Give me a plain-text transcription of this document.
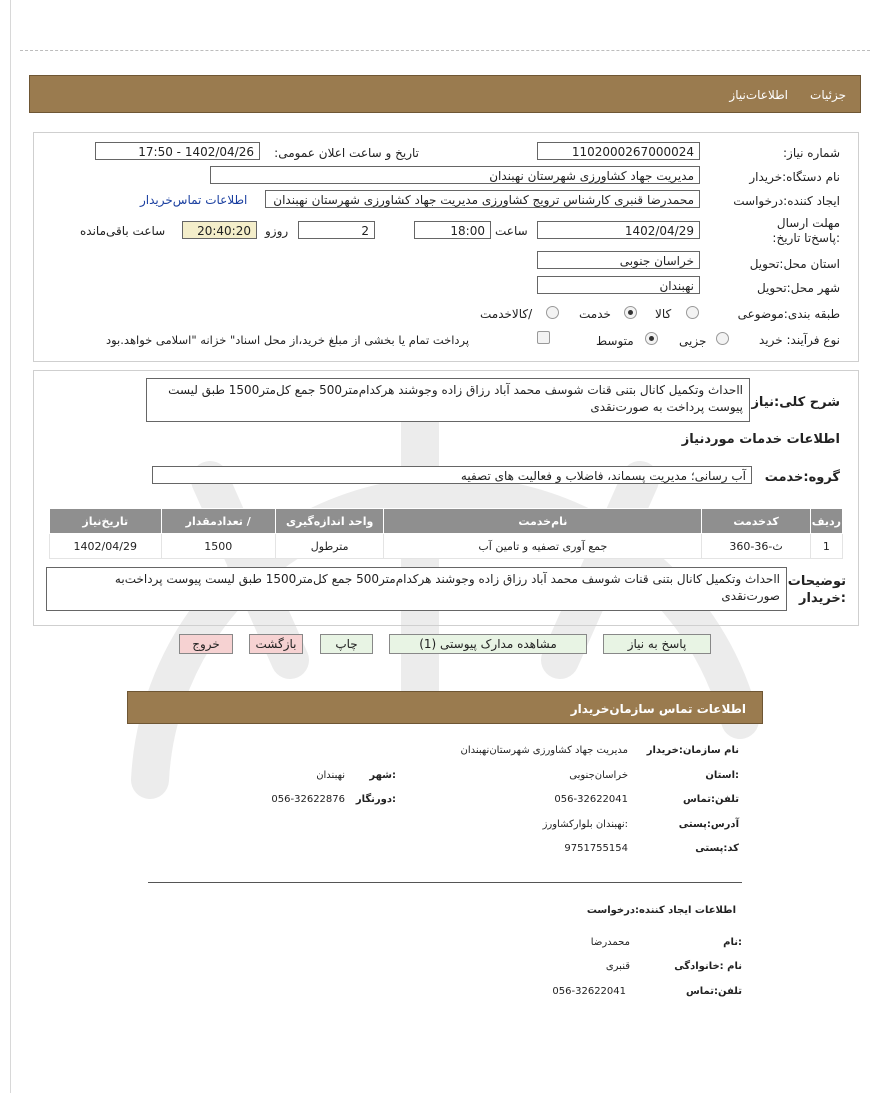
جزئيات
اطلاعات‌نیاز
شماره نیاز:
1102000267000024
تاریخ و ساعت اعلان عمومی:
1402/04/26 - 17:50
نام دستگاه:خریدار
مدیریت جهاد کشاورزی شهرستان نهبندان
ایجاد کننده:درخواست
محمدرضا قنبری کارشناس ترویج کشاورزی مدیریت جهاد کشاورزی شهرستان نهبندان
اطلاعات تماس‌خریدار
مهلت ارسال :پاسخ‌تا تاریخ:
1402/04/29
ساعت
18:00
2
روزو
20:40:20
ساعت باقی‌مانده
استان محل:تحویل
خراسان جنوبی
شهر محل:تحویل
نهبندان
طبقه بندی:موضوعی
کالا
خدمت
/کالاخدمت
نوع فرآیند: خرید
جزیی
متوسط
پرداخت تمام یا بخشی از مبلغ خرید،از محل اسناد" خزانه "اسلامی خواهد.بود
شرح کلی:نیاز
ااحداث وتکمیل کانال بتنی قنات شوسف محمد آباد رزاق زاده وجوشند هرکدام‌متر500 جمع کل‌متر1500 طبق لیست پیوست پرداخت به صورت‌نقدی
اطلاعات خدمات موردنیاز
گروه:خدمت
آب رسانی؛ مدیریت پسماند، فاضلاب و فعالیت های تصفیه
ردیف	کدخدمت	نام‌خدمت	واحد اندازه‌گیری	/ تعدادمقدار	تاریخ‌نیاز
1	ث-36-360	جمع آوری تصفیه و تامین آب	مترطول	1500	1402/04/29
توضیحات :خریدار
ااحداث وتکمیل کانال بتنی قنات شوسف محمد آباد رزاق زاده وجوشند هرکدام‌متر500 جمع کل‌متر1500 طبق لیست پیوست پرداخت‌به صورت‌نقدی
پاسخ به نیاز
مشاهده مدارک پیوستی (1)
چاپ
بازگشت
خروج
اطلاعات تماس سازمان‌خریدار
نام سازمان:خریدار
مدیریت جهاد کشاورزی شهرستان‌نهبندان
:استان
خراسان‌جنوبی
:شهر
نهبندان
تلفن:تماس
056-32622041
:دورنگار
056-32622876
آدرس:پستی
:نهبندان بلوارکشاورز
کد:پستی
9751755154
اطلاعات ایجاد کننده:درخواست
:نام
محمدرضا
نام :خانوادگی
قنبری
تلفن:تماس
056-32622041
